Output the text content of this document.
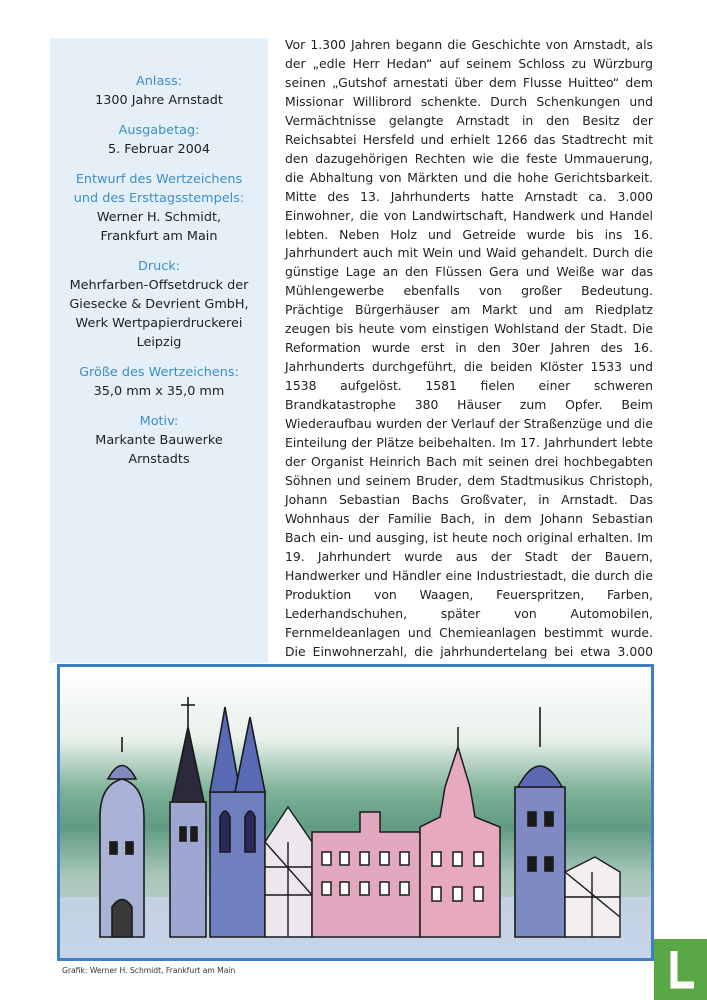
Anlass:
1300 Jahre Arnstadt
Ausgabetag:
5. Februar 2004
Entwurf des Wertzeichens
und des Ersttagsstempels:
Werner H. Schmidt,
Frankfurt am Main
Druck:
Mehrfarben-Offsetdruck der
Giesecke & Devrient GmbH,
Werk Wertpapierdruckerei
Leipzig
Größe des Wertzeichens:
35,0 mm x 35,0 mm
Motiv:
Markante Bauwerke
Arnstadts

Vor 1.300 Jahren begann die Geschichte von Arnstadt, als der „edle Herr Hedan“ auf seinem Schloss zu Würzburg seinen „Gutshof arnestati über dem Flusse Huitteo“ dem Missionar Willibrord schenkte. Durch Schenkungen und Vermächtnisse gelangte Arnstadt in den Besitz der Reichsabtei Hersfeld und erhielt 1266 das Stadtrecht mit den dazugehörigen Rechten wie die feste Ummauerung, die Abhaltung von Märkten und die hohe Gerichtsbarkeit. Mitte des 13. Jahrhunderts hatte Arnstadt ca. 3.000 Einwohner, die von Landwirtschaft, Handwerk und Handel lebten. Neben Holz und Getreide wurde bis ins 16. Jahrhundert auch mit Wein und Waid gehandelt. Durch die günstige Lage an den Flüssen Gera und Weiße war das Mühlengewerbe ebenfalls von großer Bedeutung. Prächtige Bürgerhäuser am Markt und am Riedplatz zeugen bis heute vom einstigen Wohlstand der Stadt. Die Reformation wurde erst in den 30er Jahren des 16. Jahrhunderts durchgeführt, die beiden Klöster 1533 und 1538 aufgelöst. 1581 fielen einer schweren Brandkatastrophe 380 Häuser zum Opfer. Beim Wiederaufbau wurden der Verlauf der Straßenzüge und die Einteilung der Plätze beibehalten. Im 17. Jahrhundert lebte der Organist Heinrich Bach mit seinen drei hochbegabten Söhnen und seinem Bruder, dem Stadtmusikus Christoph, Johann Sebastian Bachs Großvater, in Arnstadt. Das Wohnhaus der Familie Bach, in dem Johann Sebastian Bach ein- und ausging, ist heute noch original erhalten. Im 19. Jahrhundert wurde aus der Stadt der Bauern, Handwerker und Händler eine Industriestadt, die durch die Produktion von Waagen, Feuerspritzen, Farben, Lederhandschuhen, später von Automobilen, Fernmeldeanlagen und Chemieanlagen bestimmt wurde. Die Einwohnerzahl, die jahrhundertelang bei etwa 3.000

Grafik: Werner H. Schmidt, Frankfurt am Main
